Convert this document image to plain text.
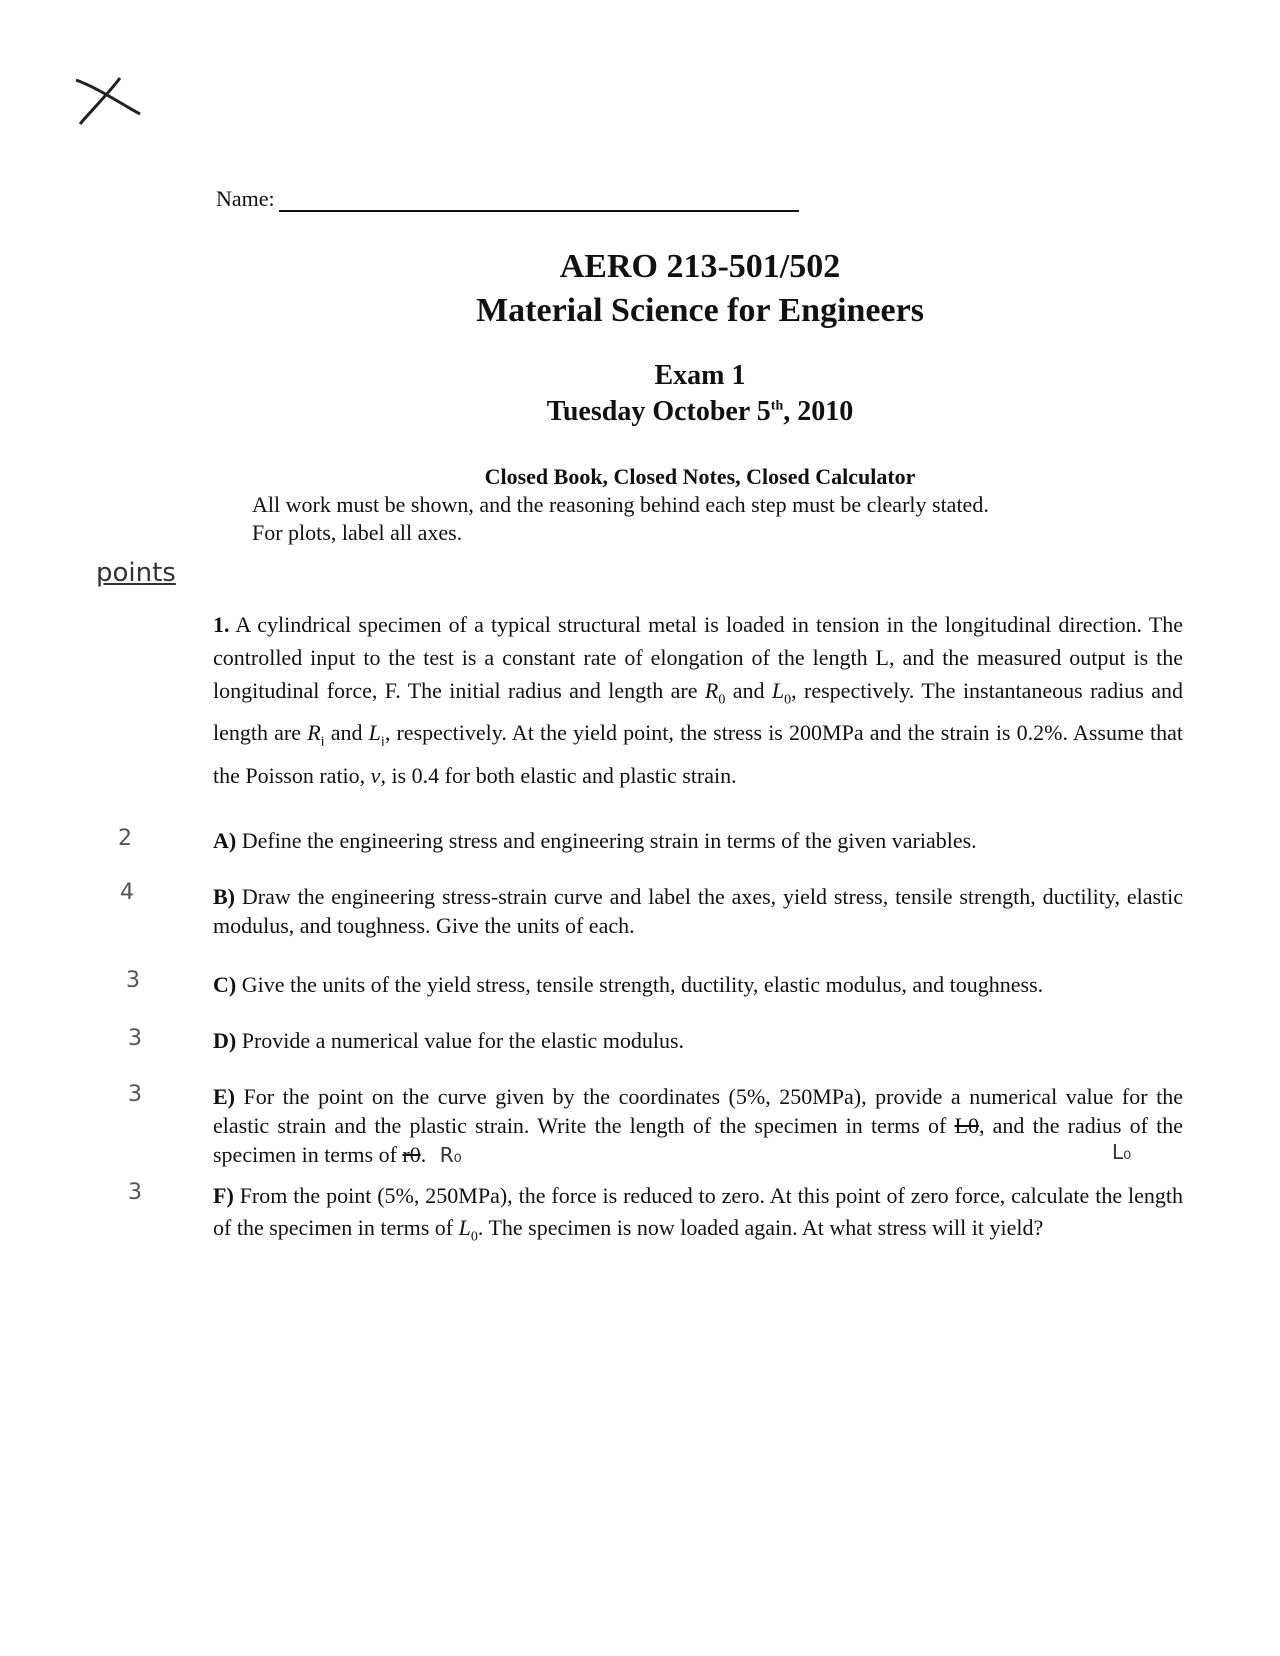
Name:
AERO 213-501/502
Material Science for Engineers
Exam 1
Tuesday October 5th, 2010
Closed Book, Closed Notes, Closed Calculator
All work must be shown, and the reasoning behind each step must be clearly stated.
For plots, label all axes.
points
1. A cylindrical specimen of a typical structural metal is loaded in tension in the longitudinal direction. The controlled input to the test is a constant rate of elongation of the length L, and the measured output is the longitudinal force, F. The initial radius and length are $R_0$ and $L_0$, respectively. The instantaneous radius and length are $R_i$ and $L_i$, respectively. At the yield point, the stress is 200MPa and the strain is 0.2%. Assume that the Poisson ratio, v, is 0.4 for both elastic and plastic strain.
2	A) Define the engineering stress and engineering strain in terms of the given variables.
4	B) Draw the engineering stress-strain curve and label the axes, yield stress, tensile strength, ductility, elastic modulus, and toughness. Give the units of each.
3	C) Give the units of the yield stress, tensile strength, ductility, elastic modulus, and toughness.
3	D) Provide a numerical value for the elastic modulus.
3	E) For the point on the curve given by the coordinates (5%, 250MPa), provide a numerical value for the elastic strain and the plastic strain. Write the length of the specimen in terms of L0, and the radius of the specimen in terms of r0. R₀	L₀
3	F) From the point (5%, 250MPa), the force is reduced to zero. At this point of zero force, calculate the length of the specimen in terms of $L_0$. The specimen is now loaded again. At what stress will it yield?
